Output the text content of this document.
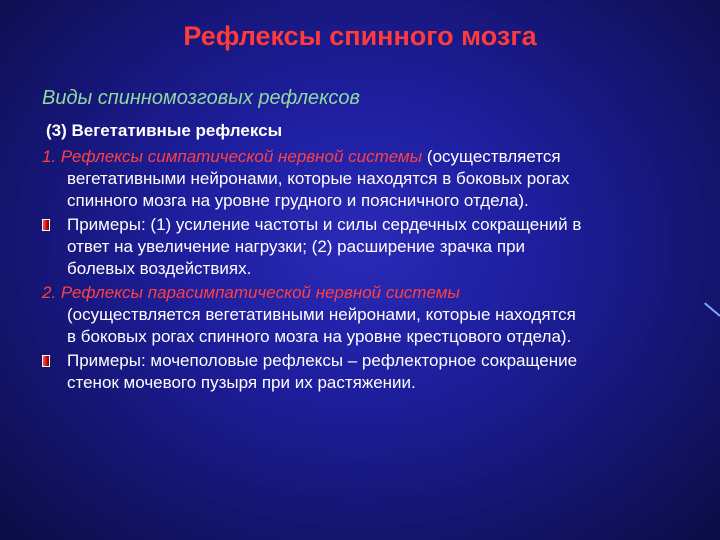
Рефлексы спинного мозга
Виды спинномозговых рефлексов
(3) Вегетативные рефлексы
1. Рефлексы симпатической нервной системы (осуществляется
вегетативными нейронами, которые находятся в боковых рогах
спинного мозга на уровне грудного и поясничного отдела).
Примеры: (1) усиление частоты и силы сердечных сокращений в
ответ на увеличение нагрузки; (2) расширение зрачка при
болевых воздействиях.
2. Рефлексы парасимпатической нервной системы
(осуществляется вегетативными нейронами, которые находятся
в боковых рогах спинного мозга на уровне крестцового отдела).
Примеры: мочеполовые рефлексы – рефлекторное сокращение
стенок мочевого пузыря при их растяжении.
